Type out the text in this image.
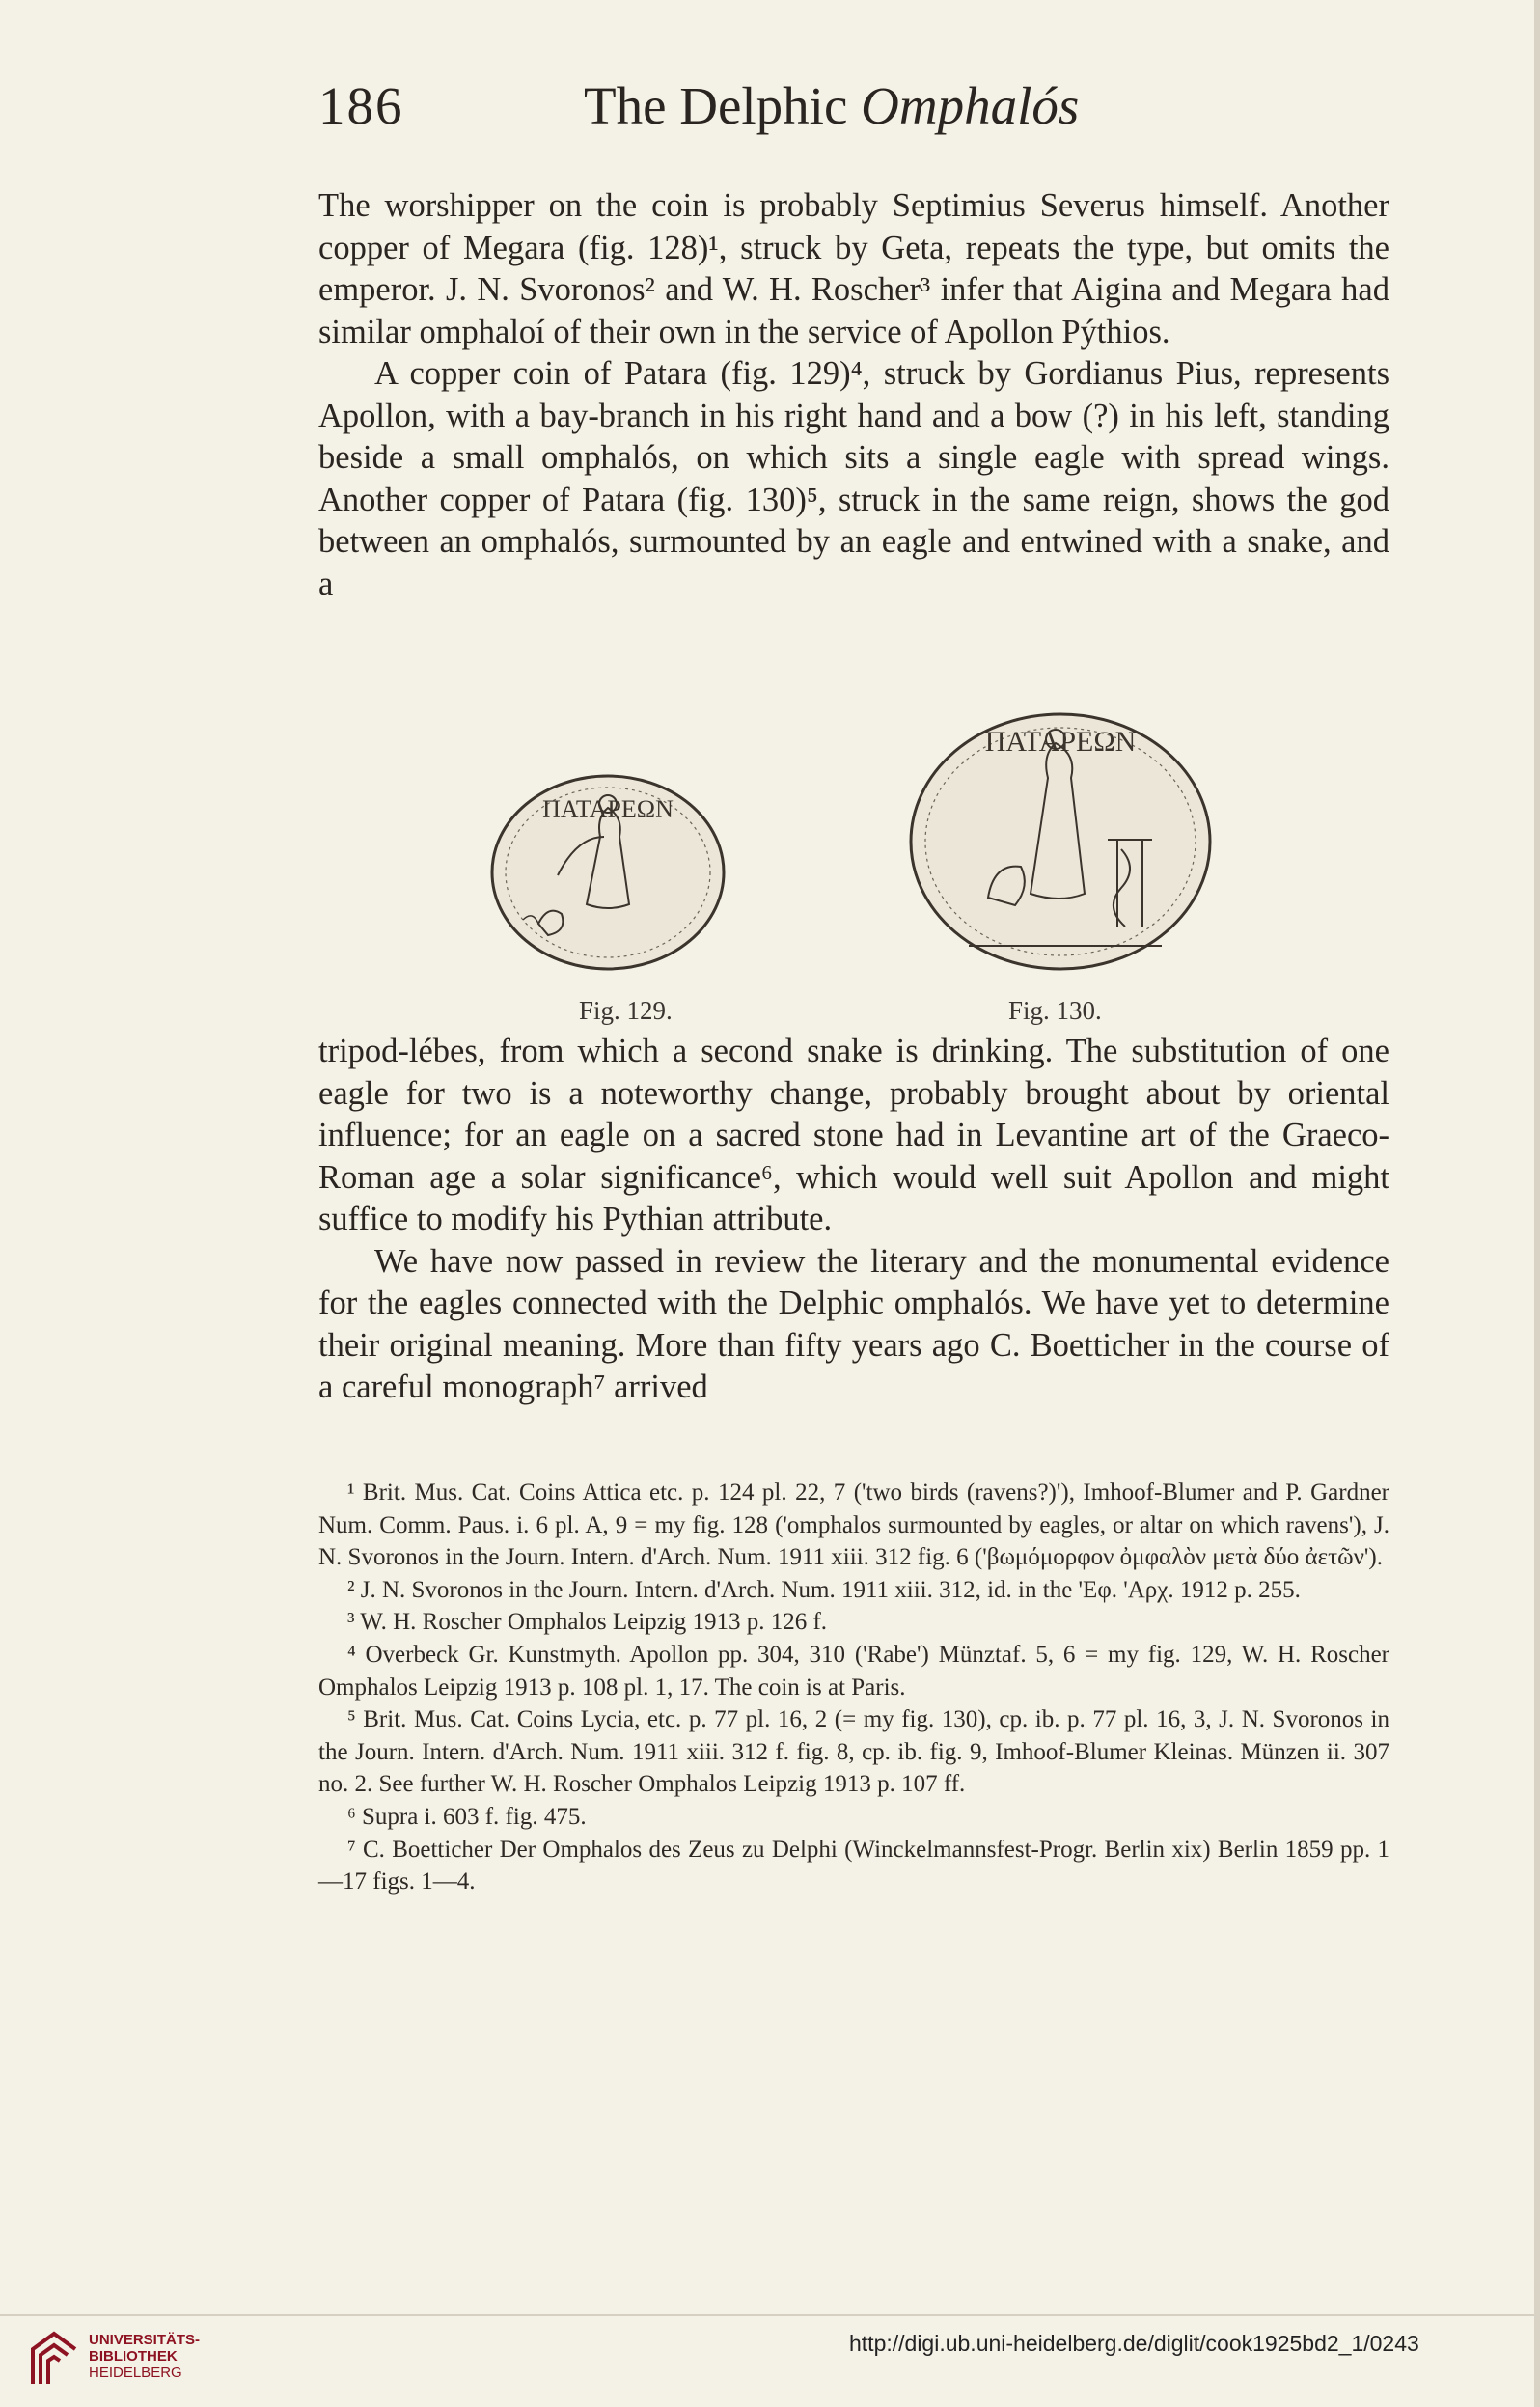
186	The Delphic Omphalós

The worshipper on the coin is probably Septimius Severus himself. Another copper of Megara (fig. 128)¹, struck by Geta, repeats the type, but omits the emperor. J. N. Svoronos² and W. H. Roscher³ infer that Aigina and Megara had similar omphaloí of their own in the service of Apollon Pýthios.

A copper coin of Patara (fig. 129)⁴, struck by Gordianus Pius, represents Apollon, with a bay-branch in his right hand and a bow (?) in his left, standing beside a small omphalós, on which sits a single eagle with spread wings. Another copper of Patara (fig. 130)⁵, struck in the same reign, shows the god between an omphalós, surmounted by an eagle and entwined with a snake, and a

ΠΑΤΑΡΕΩΝ
ΠΑΤΑΡΕΩΝ
Fig. 129.	Fig. 130.

tripod-lébes, from which a second snake is drinking. The substitution of one eagle for two is a noteworthy change, probably brought about by oriental influence; for an eagle on a sacred stone had in Levantine art of the Graeco-Roman age a solar significance⁶, which would well suit Apollon and might suffice to modify his Pythian attribute.

We have now passed in review the literary and the monumental evidence for the eagles connected with the Delphic omphalós. We have yet to determine their original meaning. More than fifty years ago C. Boetticher in the course of a careful monograph⁷ arrived

¹ Brit. Mus. Cat. Coins Attica etc. p. 124 pl. 22, 7 ('two birds (ravens?)'), Imhoof-Blumer and P. Gardner Num. Comm. Paus. i. 6 pl. A, 9 = my fig. 128 ('omphalos surmounted by eagles, or altar on which ravens'), J. N. Svoronos in the Journ. Intern. d'Arch. Num. 1911 xiii. 312 fig. 6 ('βωμόμορφον ὀμφαλὸν μετὰ δύο ἀετῶν').

² J. N. Svoronos in the Journ. Intern. d'Arch. Num. 1911 xiii. 312, id. in the 'Εφ. 'Αρχ. 1912 p. 255.

³ W. H. Roscher Omphalos Leipzig 1913 p. 126 f.

⁴ Overbeck Gr. Kunstmyth. Apollon pp. 304, 310 ('Rabe') Münztaf. 5, 6 = my fig. 129, W. H. Roscher Omphalos Leipzig 1913 p. 108 pl. 1, 17. The coin is at Paris.

⁵ Brit. Mus. Cat. Coins Lycia, etc. p. 77 pl. 16, 2 (= my fig. 130), cp. ib. p. 77 pl. 16, 3, J. N. Svoronos in the Journ. Intern. d'Arch. Num. 1911 xiii. 312 f. fig. 8, cp. ib. fig. 9, Imhoof-Blumer Kleinas. Münzen ii. 307 no. 2. See further W. H. Roscher Omphalos Leipzig 1913 p. 107 ff.

⁶ Supra i. 603 f. fig. 475.

⁷ C. Boetticher Der Omphalos des Zeus zu Delphi (Winckelmannsfest-Progr. Berlin xix) Berlin 1859 pp. 1—17 figs. 1—4.

UNIVERSITÄTS-
BIBLIOTHEK
HEIDELBERG
http://digi.ub.uni-heidelberg.de/diglit/cook1925bd2_1/0243
